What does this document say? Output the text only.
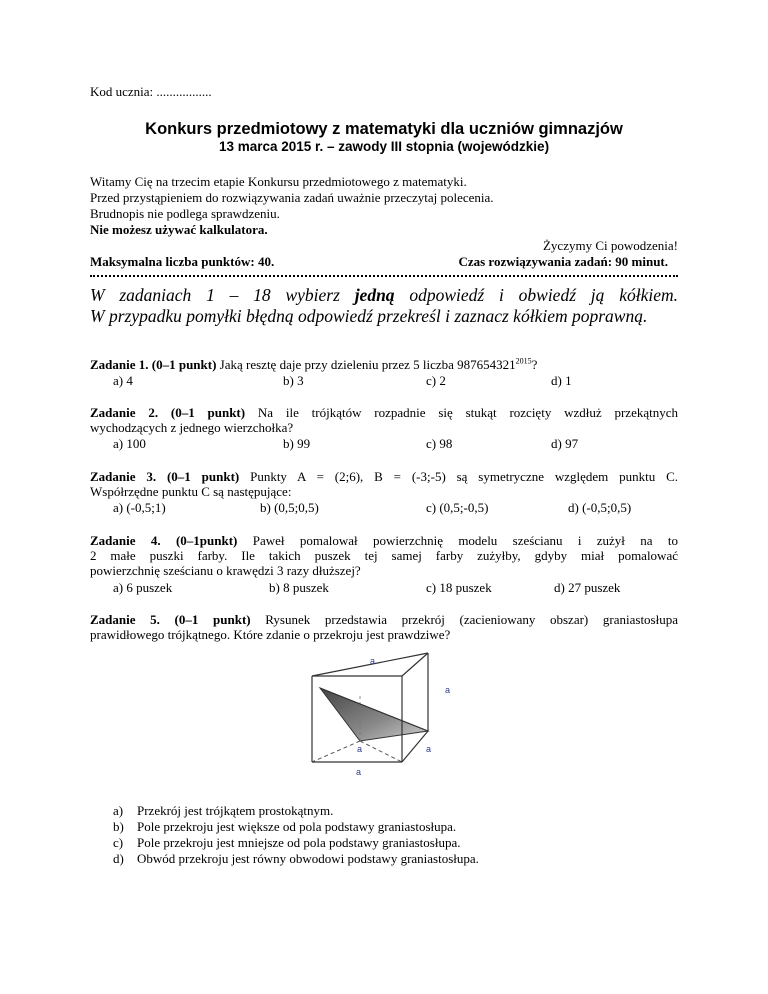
Kod ucznia: .................
Konkurs przedmiotowy z matematyki dla uczniów gimnazjów
13 marca 2015 r. – zawody III stopnia (wojewódzkie)
Witamy Cię na trzecim etapie Konkursu przedmiotowego z matematyki.
Przed przystąpieniem do rozwiązywania zadań uważnie przeczytaj polecenia.
Brudnopis nie podlega sprawdzeniu.
Nie możesz używać kalkulatora.
Życzymy Ci powodzenia!
Maksymalna liczba punktów: 40.	Czas rozwiązywania zadań: 90 minut.
W zadaniach 1 – 18 wybierz jedną odpowiedź i obwiedź ją kółkiem.
W przypadku pomyłki błędną odpowiedź przekreśl i zaznacz kółkiem poprawną.
Zadanie 1. (0–1 punkt) Jaką resztę daje przy dzieleniu przez 5 liczba $987654321^{2015}$?
a) 4	b) 3	c) 2	d) 1
Zadanie 2. (0–1 punkt) Na ile trójkątów rozpadnie się stukąt rozcięty wzdłuż przekątnych
wychodzących z jednego wierzchołka?
a) 100	b) 99	c) 98	d) 97
Zadanie 3. (0–1 punkt) Punkty A = (2;6), B = (-3;-5) są symetryczne względem punktu C.
Współrzędne punktu C są następujące:
a) (-0,5;1)	b) (0,5;0,5)	c) (0,5;-0,5)	d) (-0,5;0,5)
Zadanie 4. (0–1punkt) Paweł pomalował powierzchnię modelu sześcianu i zużył na to
2 małe puszki farby. Ile takich puszek tej samej farby zużyłby, gdyby miał pomalować
powierzchnię sześcianu o krawędzi 3 razy dłuższej?
a) 6 puszek	b) 8 puszek	c) 18 puszek	d) 27 puszek
Zadanie 5. (0–1 punkt) Rysunek przedstawia przekrój (zacieniowany obszar) graniastosłupa
prawidłowego trójkątnego. Które zdanie o przekroju jest prawdziwe?
a
a
a	a
a
a) Przekrój jest trójkątem prostokątnym.
b) Pole przekroju jest większe od pola podstawy graniastosłupa.
c) Pole przekroju jest mniejsze od pola podstawy graniastosłupa.
d) Obwód przekroju jest równy obwodowi podstawy graniastosłupa.
